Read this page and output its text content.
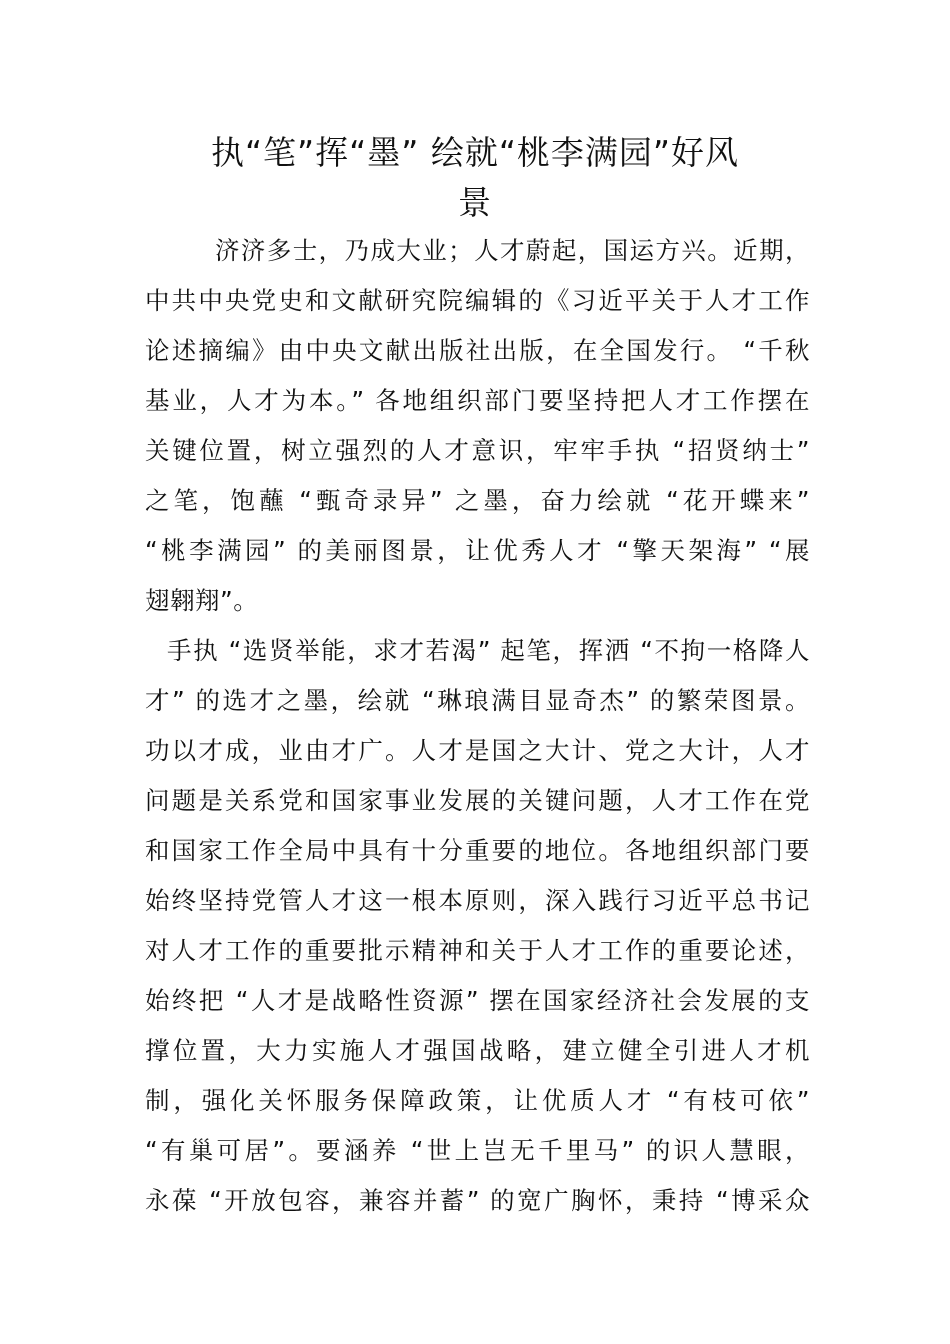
执“笔”挥“墨” 绘就“桃李满园”好风
景
济济多士，乃成大业；人才蔚起，国运方兴。近期，
中共中央党史和文献研究院编辑的《习近平关于人才工作
论述摘编》由中央文献出版社出版，在全国发行。 “千秋
基业，人才为本。” 各地组织部门要坚持把人才工作摆在
关键位置，树立强烈的人才意识，牢牢手执 “招贤纳士”
之笔，饱蘸 “甄奇录异” 之墨，奋力绘就 “花开蝶来”
“桃李满园” 的美丽图景，让优秀人才 “擎天架海” “展
翅翱翔”。
手执 “选贤举能，求才若渴” 起笔，挥洒 “不拘一格降人
才” 的选才之墨，绘就 “琳琅满目显奇杰” 的繁荣图景。
功以才成，业由才广。人才是国之大计、党之大计，人才
问题是关系党和国家事业发展的关键问题，人才工作在党
和国家工作全局中具有十分重要的地位。各地组织部门要
始终坚持党管人才这一根本原则，深入践行习近平总书记
对人才工作的重要批示精神和关于人才工作的重要论述，
始终把 “人才是战略性资源” 摆在国家经济社会发展的支
撑位置，大力实施人才强国战略，建立健全引进人才机
制，强化关怀服务保障政策，让优质人才 “有枝可依”
“有巢可居”。要涵养 “世上岂无千里马” 的识人慧眼，
永葆 “开放包容，兼容并蓄” 的宽广胸怀，秉持 “博采众
